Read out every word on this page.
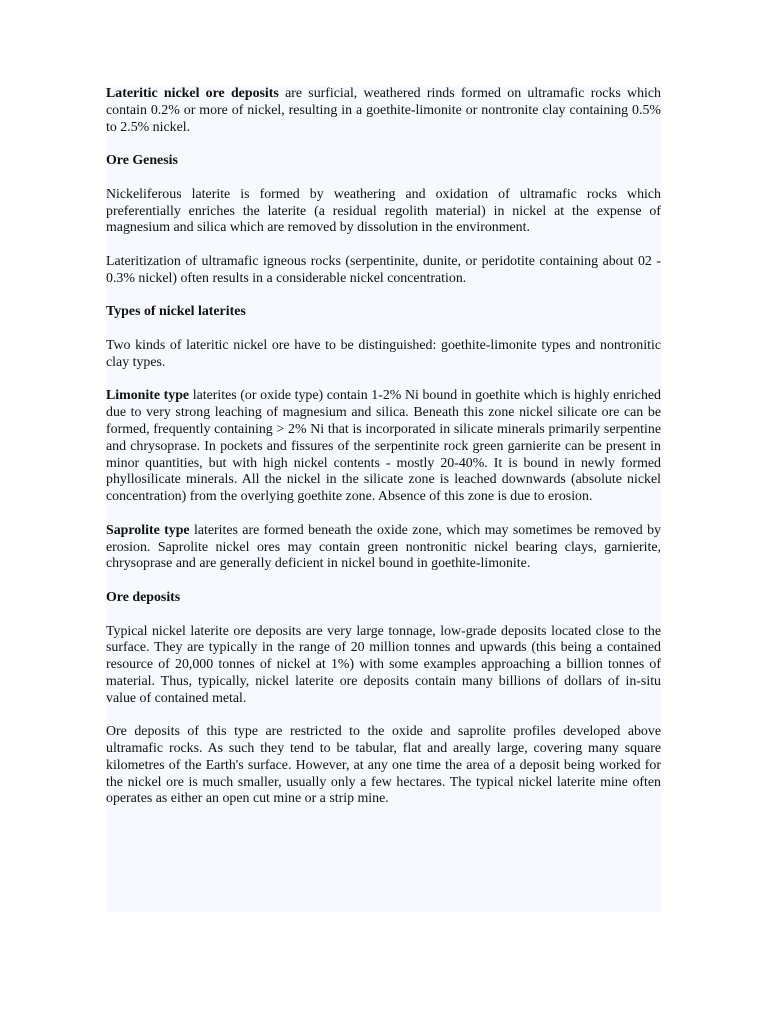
Lateritic nickel ore deposits are surficial, weathered rinds formed on ultramafic rocks which contain 0.2% or more of nickel, resulting in a goethite-limonite or nontronite clay containing 0.5% to 2.5% nickel.

Ore Genesis

Nickeliferous laterite is formed by weathering and oxidation of ultramafic rocks which preferentially enriches the laterite (a residual regolith material) in nickel at the expense of magnesium and silica which are removed by dissolution in the environment.

Lateritization of ultramafic igneous rocks (serpentinite, dunite, or peridotite containing about 02 - 0.3% nickel) often results in a considerable nickel concentration.

Types of nickel laterites

Two kinds of lateritic nickel ore have to be distinguished: goethite-limonite types and nontronitic clay types.

Limonite type laterites (or oxide type) contain 1-2% Ni bound in goethite which is highly enriched due to very strong leaching of magnesium and silica. Beneath this zone nickel silicate ore can be formed, frequently containing > 2% Ni that is incorporated in silicate minerals primarily serpentine and chrysoprase. In pockets and fissures of the serpentinite rock green garnierite can be present in minor quantities, but with high nickel contents - mostly 20-40%. It is bound in newly formed phyllosilicate minerals. All the nickel in the silicate zone is leached downwards (absolute nickel concentration) from the overlying goethite zone. Absence of this zone is due to erosion.

Saprolite type laterites are formed beneath the oxide zone, which may sometimes be removed by erosion. Saprolite nickel ores may contain green nontronitic nickel bearing clays, garnierite, chrysoprase and are generally deficient in nickel bound in goethite-limonite.

Ore deposits

Typical nickel laterite ore deposits are very large tonnage, low-grade deposits located close to the surface. They are typically in the range of 20 million tonnes and upwards (this being a contained resource of 20,000 tonnes of nickel at 1%) with some examples approaching a billion tonnes of material. Thus, typically, nickel laterite ore deposits contain many billions of dollars of in-situ value of contained metal.

Ore deposits of this type are restricted to the oxide and saprolite profiles developed above ultramafic rocks. As such they tend to be tabular, flat and areally large, covering many square kilometres of the Earth's surface. However, at any one time the area of a deposit being worked for the nickel ore is much smaller, usually only a few hectares. The typical nickel laterite mine often operates as either an open cut mine or a strip mine.
